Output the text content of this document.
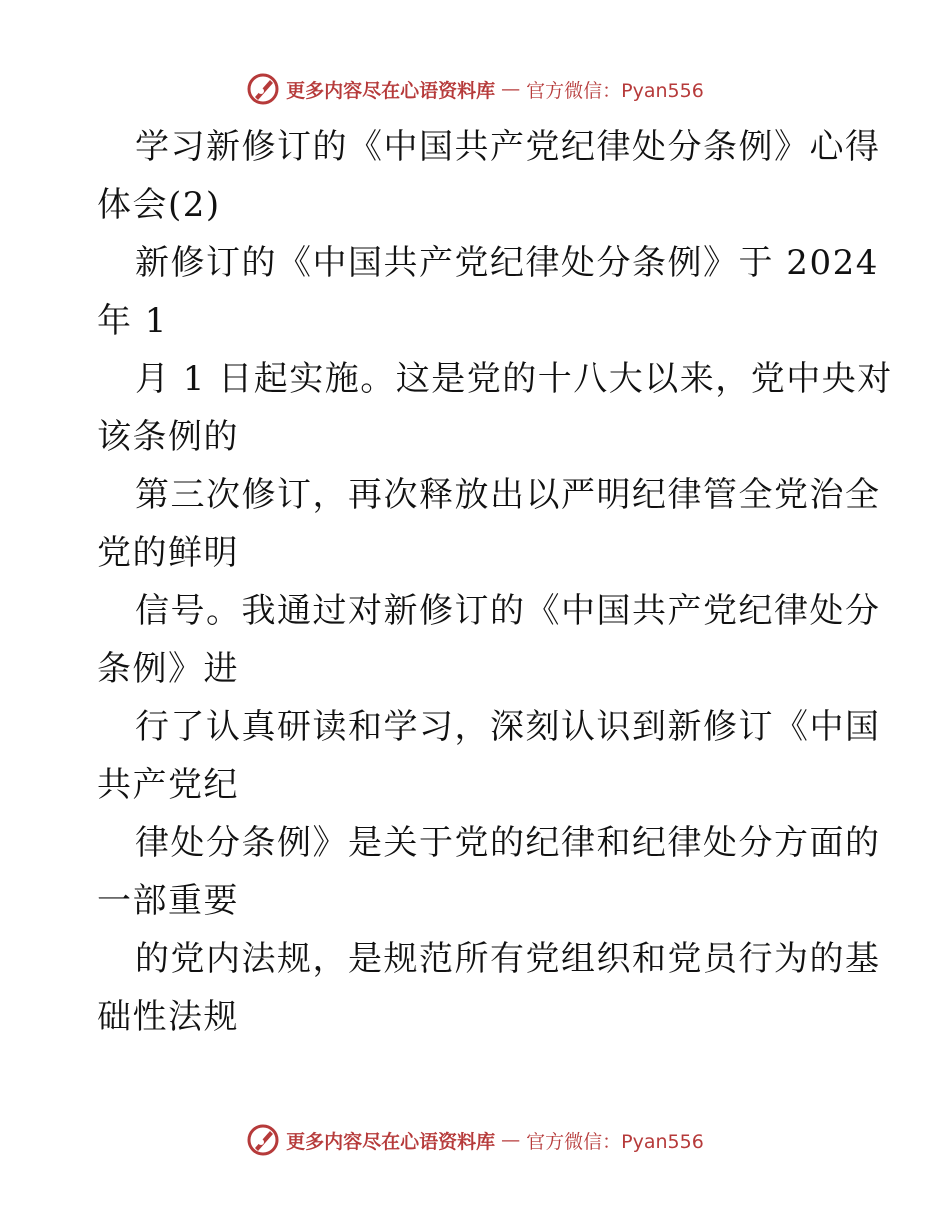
更多内容尽在心语资料库 — 官方微信：Pyan556
学习新修订的《中国共产党纪律处分条例》心得
体会(2)
新修订的《中国共产党纪律处分条例》于 2024
年 1
月 1 日起实施。这是党的十八大以来，党中央对
该条例的
第三次修订，再次释放出以严明纪律管全党治全
党的鲜明
信号。我通过对新修订的《中国共产党纪律处分
条例》进
行了认真研读和学习，深刻认识到新修订《中国
共产党纪
律处分条例》是关于党的纪律和纪律处分方面的
一部重要
的党内法规，是规范所有党组织和党员行为的基
础性法规
更多内容尽在心语资料库 — 官方微信：Pyan556
